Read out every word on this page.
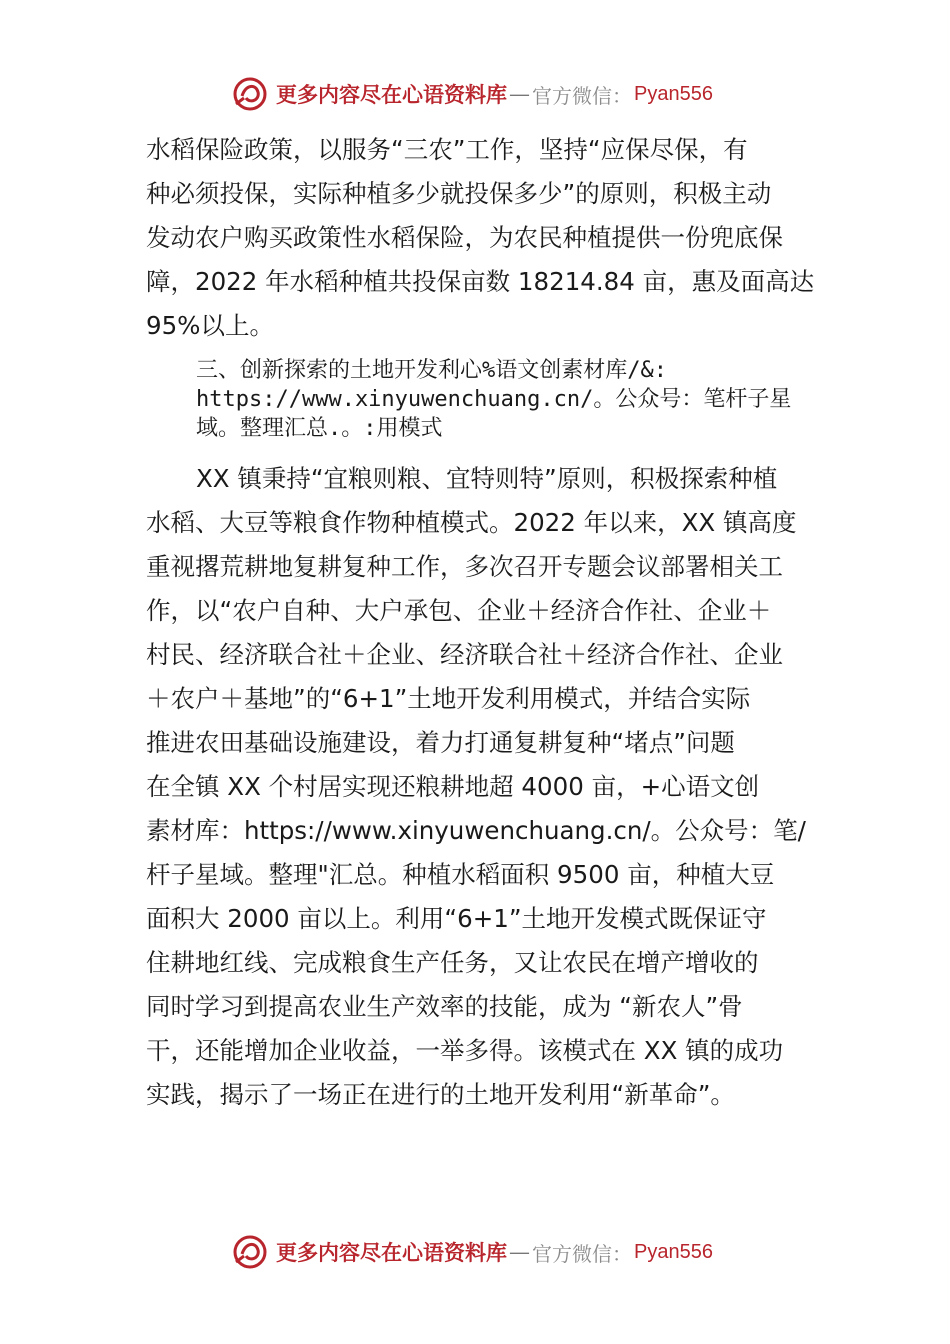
更多内容尽在心语资料库 — 官方微信： Pyan556
水稻保险政策，以服务“三农”工作，坚持“应保尽保，有
种必须投保，实际种植多少就投保多少”的原则，积极主动
发动农户购买政策性水稻保险，为农民种植提供一份兜底保
障，2022 年水稻种植共投保亩数 18214.84 亩，惠及面高达
95%以上。
三、创新探索的土地开发利心%语文创素材库/&:
https://www.xinyuwenchuang.cn/。公众号：笔杆子星
域。整理汇总.。:用模式
XX 镇秉持“宜粮则粮、宜特则特”原则，积极探索种植
水稻、大豆等粮食作物种植模式。2022 年以来，XX 镇高度
重视撂荒耕地复耕复种工作，多次召开专题会议部署相关工
作，以“农户自种、大户承包、企业＋经济合作社、企业＋
村民、经济联合社＋企业、经济联合社＋经济合作社、企业
＋农户＋基地”的“6+1”土地开发利用模式，并结合实际
推进农田基础设施建设，着力打通复耕复种“堵点”问题
在全镇 XX 个村居实现还粮耕地超 4000 亩，+心语文创
素材库：https://www.xinyuwenchuang.cn/。公众号：笔/
杆子星域。整理"汇总。种植水稻面积 9500 亩，种植大豆
面积大 2000 亩以上。利用“6+1”土地开发模式既保证守
住耕地红线、完成粮食生产任务，又让农民在增产增收的
同时学习到提高农业生产效率的技能，成为 “新农人”骨
干，还能增加企业收益，一举多得。该模式在 XX 镇的成功
实践，揭示了一场正在进行的土地开发利用“新革命”。
更多内容尽在心语资料库 — 官方微信： Pyan556
